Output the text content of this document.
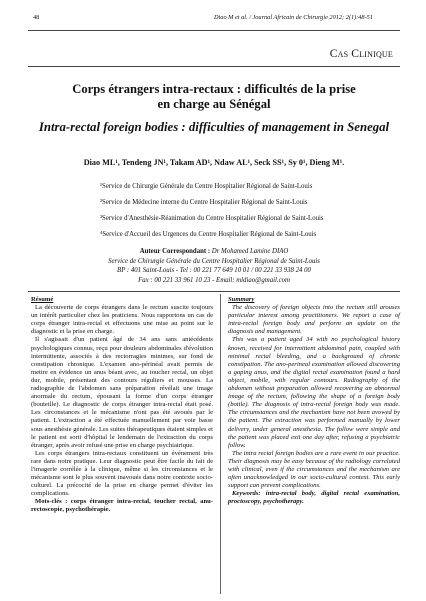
48	Diao M et al. / Journal Africain de Chirurgie 2012; 2(1):48-51
Cas Clinique
Corps étrangers intra-rectaux : difficultés de la prise
en charge au Sénégal
Intra-rectal foreign bodies : difficulties of management in Senegal
Diao ML¹, Tendeng JN¹, Takam AD¹, Ndaw AL¹, Seck SS¹, Sy 0¹, Dieng M¹.
¹Service de Chirurgie Générale du Centre Hospitalier Régional de Saint-Louis
²Service de Médecine interne du Centre Hospitalier Régional de Saint-Louis
³Service d'Anesthésie-Réanimation du Centre Hospitalier Régional de Saint-Louis
⁴Service d'Accueil des Urgences du Centre Hospitalier Régional de Saint-Louis
Auteur Correspondant : Dr Mohamed Lamine DIAO
Service de Chirurgie Générale du Centre Hospitalier Régional de Saint-Louis
BP : 401 Saint-Louis - Tel : 00 221 77 649 10 01 / 00 221 33 938 24 00
Fax : 00 221 33 961 10 23 - Email: mldiao@gmail.com
Résumé

La découverte de corps étrangers dans le rectum suscite toujours un intérêt particulier chez les praticiens. Nous rapportons un cas de corps étranger intra-rectal et effectuons une mise au point sur le diagnostic et la prise en charge.

Il s'agissait d'un patient âgé de 34 ans sans antécédents psychologiques connus, reçu pour douleurs abdominales d'évolution intermittente, associés à des rectorragies minimes, sur fond de constipation chronique. L'examen ano-périnéal avait permis de mettre en évidence un anus béant avec, au toucher rectal, un objet dur, mobile, présentant des contours réguliers et mousses. La radiographie de l'abdomen sans préparation révélait une image anormale du rectum, épousant la forme d'un corps étranger (bouteille). Le diagnostic de corps étranger intra-rectal était posé. Les circonstances et le mécanisme n'ont pas été avoués par le patient. L'extraction a été effectuée manuellement par voie basse sous anesthésie générale. Les suites thérapeutiques étaient simples et le patient est sorti d'hôpital le lendemain de l'extraction du corps étranger, après avoir refusé une prise en charge psychiatrique.

Les corps étrangers intra-rectaux constituent un événement très rare dans notre pratique. Leur diagnostic peut être facile du fait de l'imagerie corrélée à la clinique, même si les circonstances et le mécanisme sont le plus souvent inavoués dans notre contexte socio-culturel. La précocité de la prise en charge permet d'éviter les complications.

Mots-clés : corps étranger intra-rectal, toucher rectal, anu-rectoscopie, psychothérapie.

Summary

The discovery of foreign objects into the rectum still arouses particular interest among practitioners. We report a case of intra-rectal foreign body and perform an update on the diagnosis and management.

This was a patient aged 34 with no psychological history known, received for intermittent abdominal pain, coupled with minimal rectal bleeding, and a background of chronic constipation. The ano-perineal examination allowed discovering a gaping anus, and the digital rectal examination found a hard object, mobile, with regular contours. Radiography of the abdomen without preparation allowed recovering an abnormal image of the rectum, following the shape of a foreign body (bottle). The diagnosis of intra-rectal foreign body was made. The circumstances and the mechanism have not been avowed by the patient. The extraction was performed manually by lower delivery, under general anesthesia. The follow were simple and the patient was placed exit one day after, refusing a psychiatric follow.

The intra rectal foreign bodies are a rare event in our practice. Their diagnosis may be easy because of the radiology correlated with clinical, even if the circumstances and the mechanism are often unacknowledged in our socio-cultural context. This early support can prevent complications.

Keywords: intra-rectal body, digital rectal examination, proctoscopy, psychotherapy.
